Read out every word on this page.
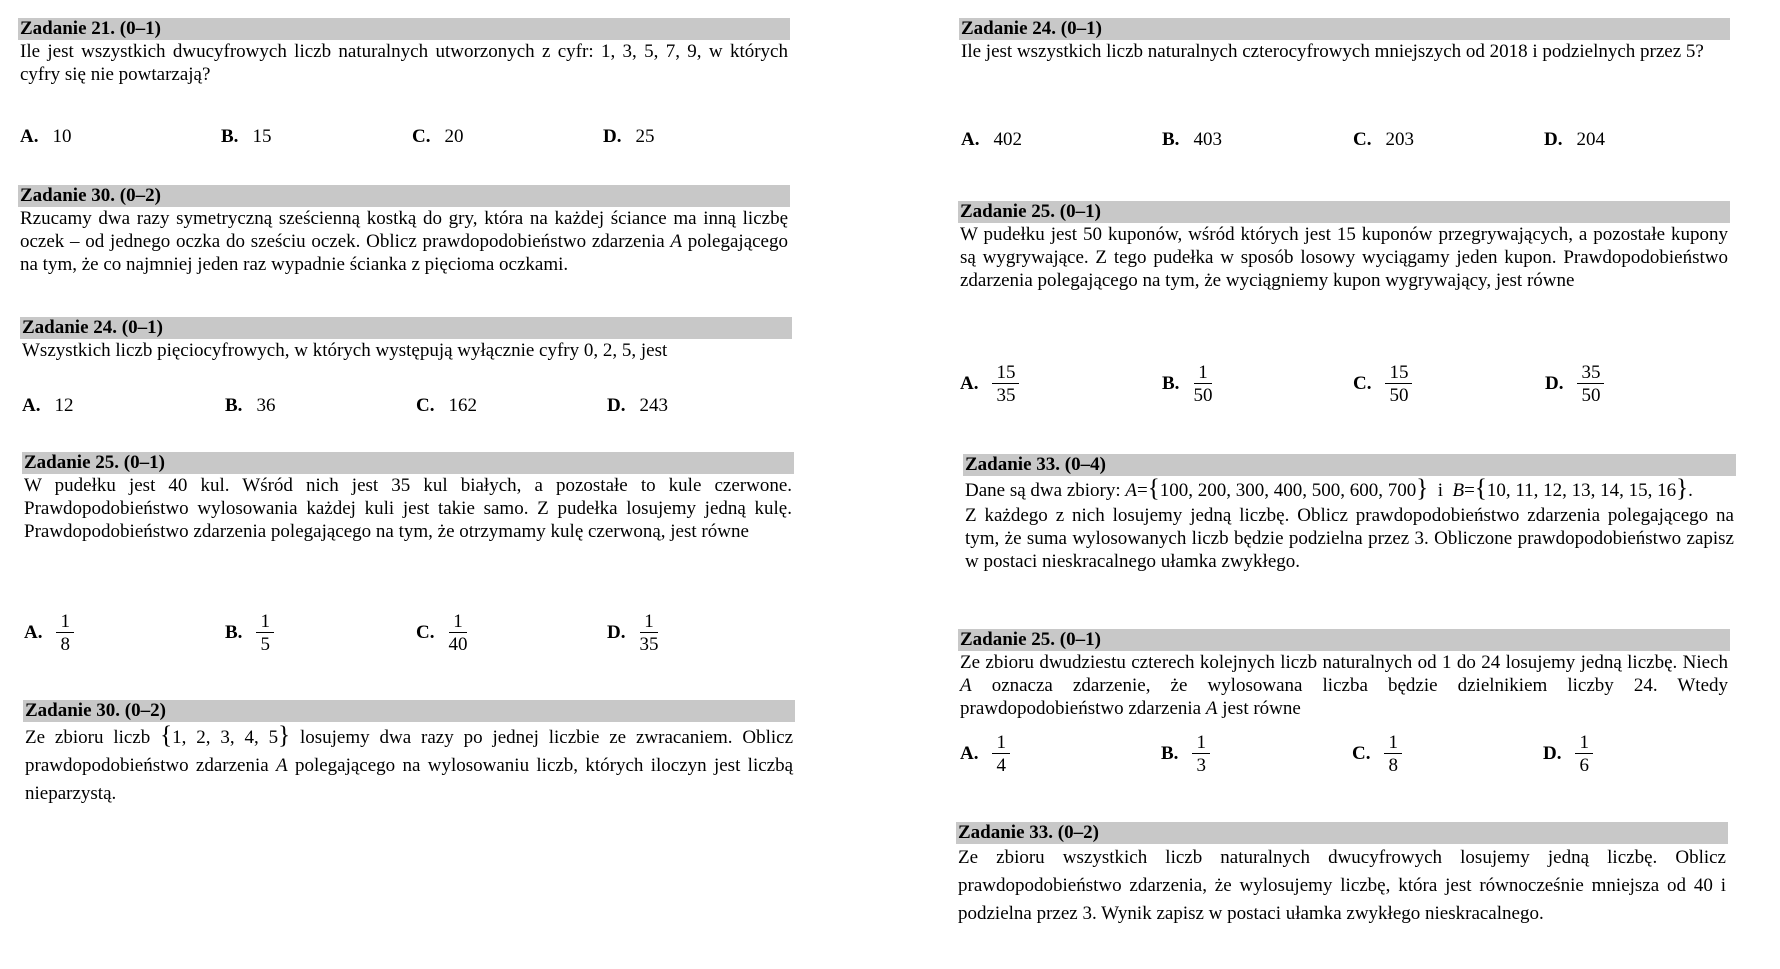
Zadanie 21. (0–1)
Ile jest wszystkich dwucyfrowych liczb naturalnych utworzonych z cyfr: 1, 3, 5, 7, 9, w których cyfry się nie powtarzają?
A. 10	B. 15	C. 20	D. 25
Zadanie 30. (0–2)
Rzucamy dwa razy symetryczną sześcienną kostką do gry, która na każdej ściance ma inną liczbę oczek – od jednego oczka do sześciu oczek. Oblicz prawdopodobieństwo zdarzenia A polegającego na tym, że co najmniej jeden raz wypadnie ścianka z pięcioma oczkami.
Zadanie 24. (0–1)
Wszystkich liczb pięciocyfrowych, w których występują wyłącznie cyfry 0, 2, 5, jest
A. 12	B. 36	C. 162	D. 243
Zadanie 25. (0–1)
W pudełku jest 40 kul. Wśród nich jest 35 kul białych, a pozostałe to kule czerwone. Prawdopodobieństwo wylosowania każdej kuli jest takie samo. Z pudełka losujemy jedną kulę. Prawdopodobieństwo zdarzenia polegającego na tym, że otrzymamy kulę czerwoną, jest równe
A. $\frac{1}{8}$	B. $\frac{1}{5}$	C. $\frac{1}{40}$	D. $\frac{1}{35}$
Zadanie 30. (0–2)
Ze zbioru liczb {1, 2, 3, 4, 5} losujemy dwa razy po jednej liczbie ze zwracaniem. Oblicz prawdopodobieństwo zdarzenia A polegającego na wylosowaniu liczb, których iloczyn jest liczbą nieparzystą.
Zadanie 24. (0–1)
Ile jest wszystkich liczb naturalnych czterocyfrowych mniejszych od 2018 i podzielnych przez 5?
A. 402	B. 403	C. 203	D. 204
Zadanie 25. (0–1)
W pudełku jest 50 kuponów, wśród których jest 15 kuponów przegrywających, a pozostałe kupony są wygrywające. Z tego pudełka w sposób losowy wyciągamy jeden kupon. Prawdopodobieństwo zdarzenia polegającego na tym, że wyciągniemy kupon wygrywający, jest równe
A. $\frac{15}{35}$	B. $\frac{1}{50}$	C. $\frac{15}{50}$	D. $\frac{35}{50}$
Zadanie 33. (0–4)
Dane są dwa zbiory: A={100, 200, 300, 400, 500, 600, 700} i B={10, 11, 12, 13, 14, 15, 16}.
Z każdego z nich losujemy jedną liczbę. Oblicz prawdopodobieństwo zdarzenia polegającego na tym, że suma wylosowanych liczb będzie podzielna przez 3. Obliczone prawdopodobieństwo zapisz w postaci nieskracalnego ułamka zwykłego.
Zadanie 25. (0–1)
Ze zbioru dwudziestu czterech kolejnych liczb naturalnych od 1 do 24 losujemy jedną liczbę. Niech A oznacza zdarzenie, że wylosowana liczba będzie dzielnikiem liczby 24. Wtedy prawdopodobieństwo zdarzenia A jest równe
A. $\frac{1}{4}$	B. $\frac{1}{3}$	C. $\frac{1}{8}$	D. $\frac{1}{6}$
Zadanie 33. (0–2)
Ze zbioru wszystkich liczb naturalnych dwucyfrowych losujemy jedną liczbę. Oblicz prawdopodobieństwo zdarzenia, że wylosujemy liczbę, która jest równocześnie mniejsza od 40 i podzielna przez 3. Wynik zapisz w postaci ułamka zwykłego nieskracalnego.
